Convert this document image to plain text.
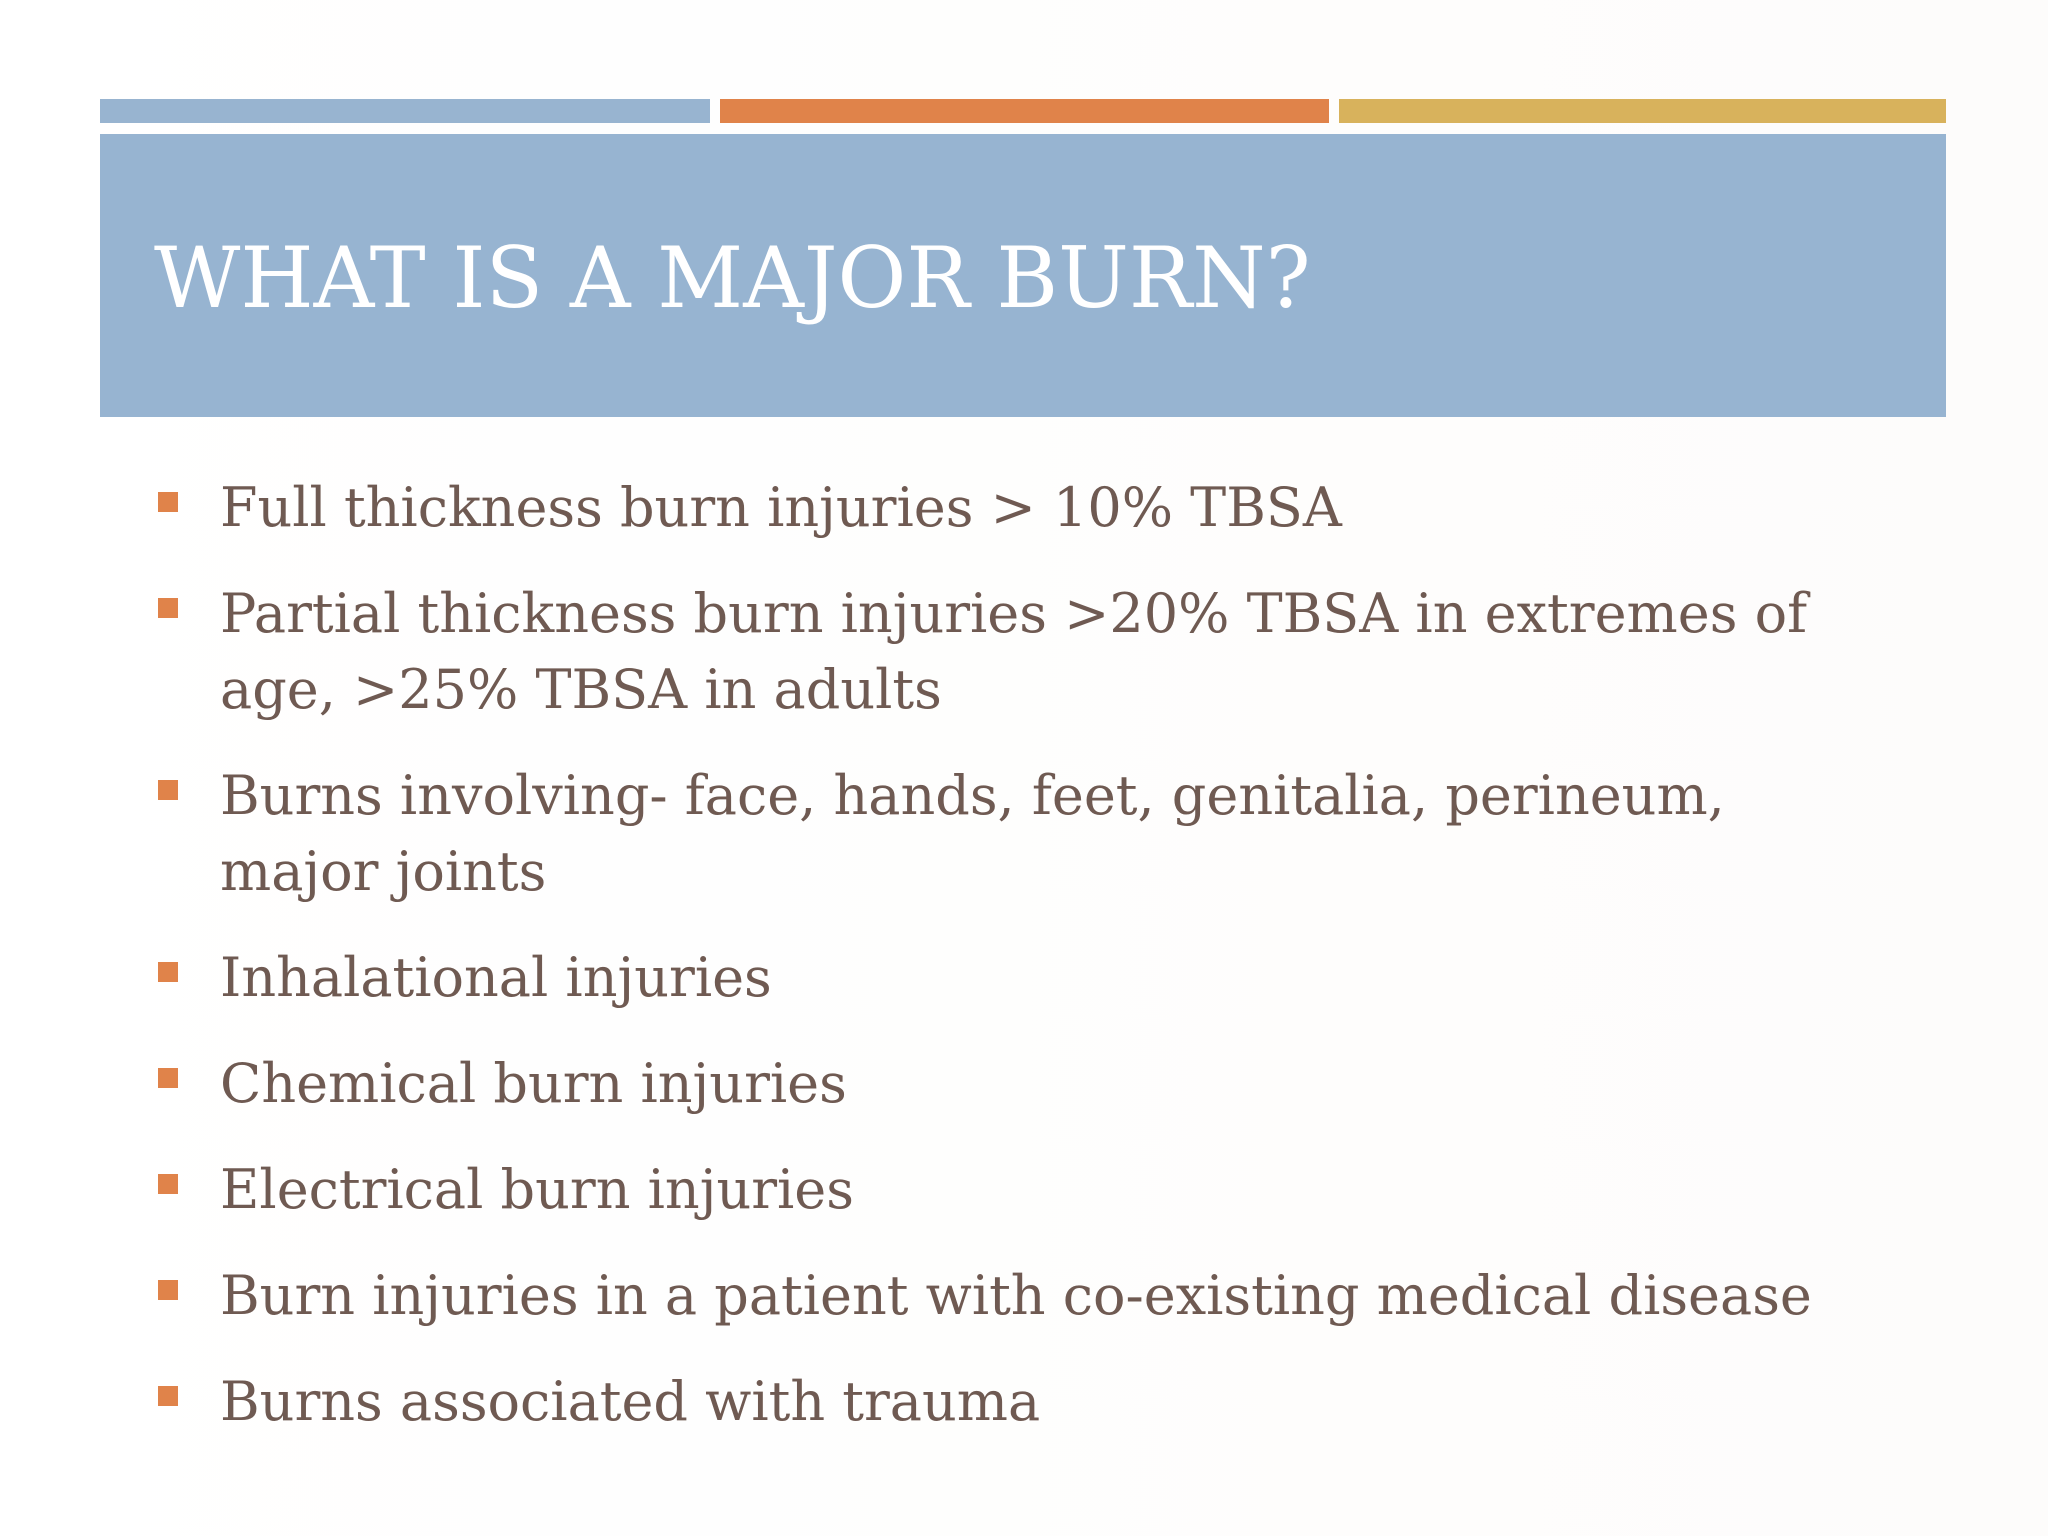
WHAT IS A MAJOR BURN?
Full thickness burn injuries > 10% TBSA
Partial thickness burn injuries >20% TBSA in extremes of age, >25% TBSA in adults
Burns involving- face, hands, feet, genitalia, perineum, major joints
Inhalational injuries
Chemical burn injuries
Electrical burn injuries
Burn injuries in a patient with co-existing medical disease
Burns associated with trauma
